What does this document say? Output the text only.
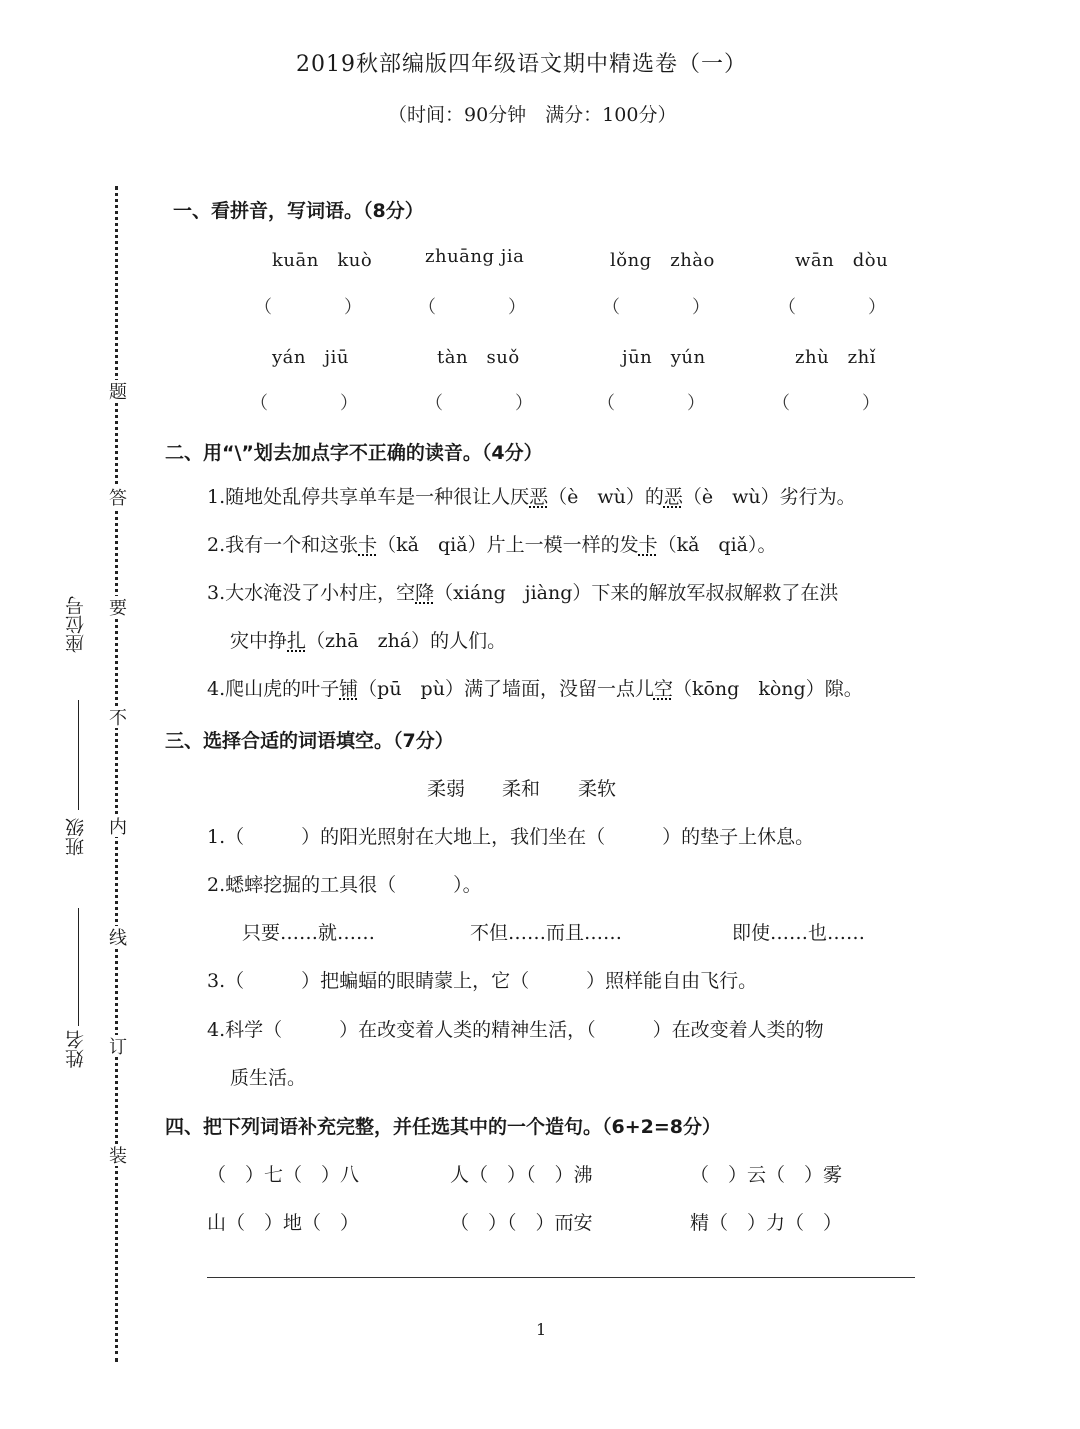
2019秋部编版四年级语文期中精选卷（一）
（时间：90分钟　满分：100分）
题
答
要
不
内
线
订
装
座位号
班级
姓名
一、看拼音，写词语。（8分）
kuān　kuò	zhuāng jia	lǒng　zhào	wān　dòu
（　　　　）	（　　　　）	（　　　　）	（　　　　）
yán　jiū	tàn　suǒ	jūn　yún	zhù　zhǐ
（　　　　）	（　　　　）	（　　　　）	（　　　　）
二、用“\”划去加点字不正确的读音。（4分）
1.随地处乱停共享单车是一种很让人厌恶（è　wù）的恶（è　wù）劣行为。
2.我有一个和这张卡（kǎ　qiǎ）片上一模一样的发卡（kǎ　qiǎ）。
3.大水淹没了小村庄，空降（xiáng　jiàng）下来的解放军叔叔解救了在洪
灾中挣扎（zhā　zhá）的人们。
4.爬山虎的叶子铺（pū　pù）满了墙面，没留一点儿空（kōng　kòng）隙。
三、选择合适的词语填空。（7分）
柔弱 柔和 柔软
1.（　　　）的阳光照射在大地上，我们坐在（　　　）的垫子上休息。
2.蟋蟀挖掘的工具很（　　　）。
只要……就……	不但……而且……	即使……也……
3.（　　　）把蝙蝠的眼睛蒙上，它（　　　）照样能自由飞行。
4.科学（　　　）在改变着人类的精神生活，（　　　）在改变着人类的物
质生活。
四、把下列词语补充完整，并任选其中的一个造句。（6+2=8分）
（　）七（　）八	人（　）（　）沸	（　）云（　）雾
山（　）地（　）	（　）（　）而安	精（　）力（　）
1
